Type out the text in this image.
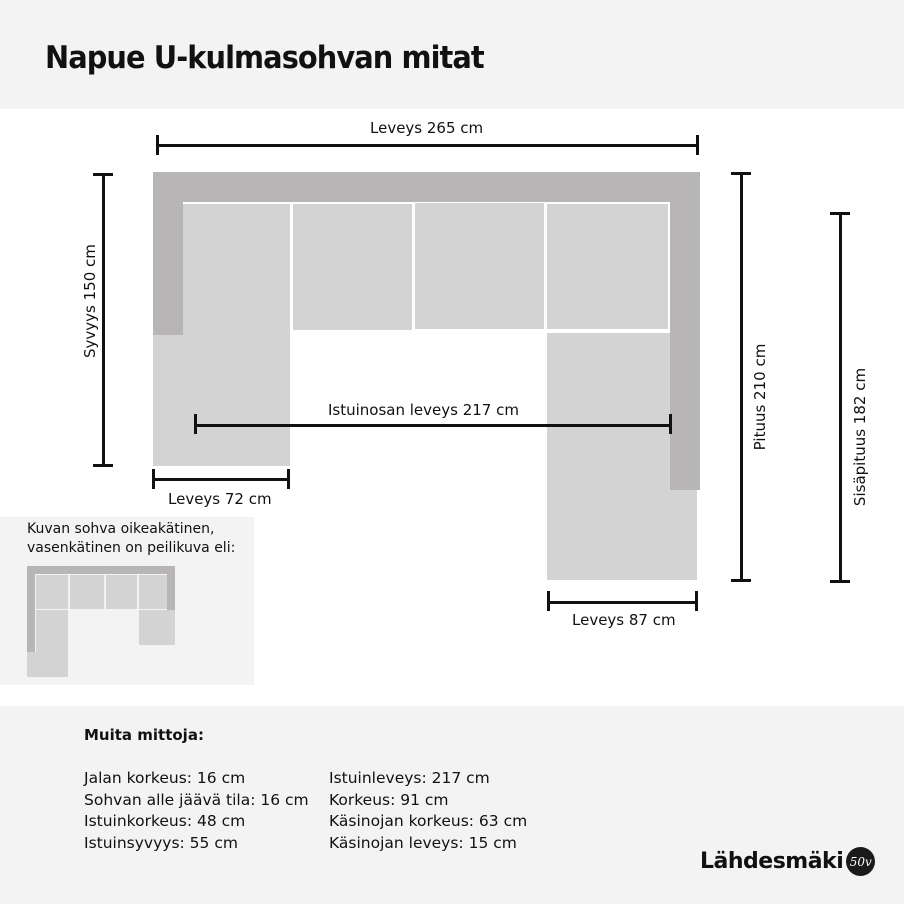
Napue U-kulmasohvan mitat
Leveys 265 cm
Syvyys 150 cm
Istuinosan leveys 217 cm
Leveys 72 cm
Leveys 87 cm
Pituus 210 cm	Sisäpituus 182 cm
Kuvan sohva oikeakätinen,
vasenkätinen on peilikuva eli:
Muita mittoja:
Jalan korkeus: 16 cm
Sohvan alle jäävä tila: 16 cm
Istuinkorkeus: 48 cm
Istuinsyvyys: 55 cm
Istuinleveys: 217 cm
Korkeus: 91 cm
Käsinojan korkeus: 63 cm
Käsinojan leveys: 15 cm
Lähdesmäki 50v
